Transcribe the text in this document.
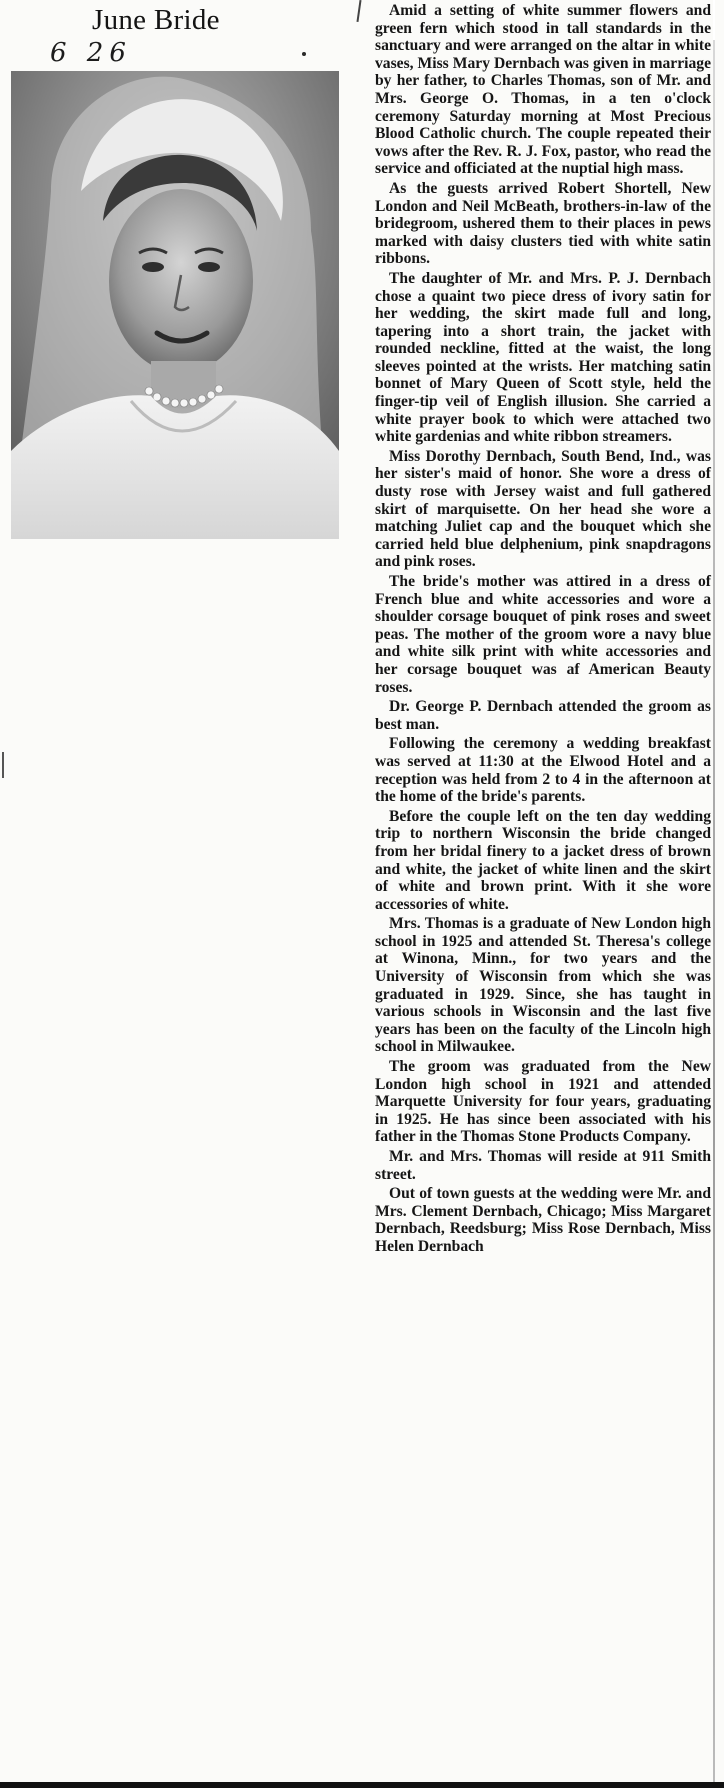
June Bride
6 26

Amid a setting of white summer flowers and green fern which stood in tall standards in the sanctuary and were arranged on the altar in white vases, Miss Mary Dernbach was given in marriage by her father, to Charles Thomas, son of Mr. and Mrs. George O. Thomas, in a ten o'clock ceremony Saturday morning at Most Precious Blood Catholic church. The couple repeated their vows after the Rev. R. J. Fox, pastor, who read the service and officiated at the nuptial high mass.

As the guests arrived Robert Shortell, New London and Neil McBeath, brothers-in-law of the bridegroom, ushered them to their places in pews marked with daisy clusters tied with white satin ribbons.

The daughter of Mr. and Mrs. P. J. Dernbach chose a quaint two piece dress of ivory satin for her wedding, the skirt made full and long, tapering into a short train, the jacket with rounded neckline, fitted at the waist, the long sleeves pointed at the wrists. Her matching satin bonnet of Mary Queen of Scott style, held the finger-tip veil of English illusion. She carried a white prayer book to which were attached two white gardenias and white ribbon streamers.

Miss Dorothy Dernbach, South Bend, Ind., was her sister's maid of honor. She wore a dress of dusty rose with Jersey waist and full gathered skirt of marquisette. On her head she wore a matching Juliet cap and the bouquet which she carried held blue delphenium, pink snapdragons and pink roses.

The bride's mother was attired in a dress of French blue and white accessories and wore a shoulder corsage bouquet of pink roses and sweet peas. The mother of the groom wore a navy blue and white silk print with white accessories and her corsage bouquet was af American Beauty roses.

Dr. George P. Dernbach attended the groom as best man.

Following the ceremony a wedding breakfast was served at 11:30 at the Elwood Hotel and a reception was held from 2 to 4 in the afternoon at the home of the bride's parents.

Before the couple left on the ten day wedding trip to northern Wisconsin the bride changed from her bridal finery to a jacket dress of brown and white, the jacket of white linen and the skirt of white and brown print. With it she wore accessories of white.

Mrs. Thomas is a graduate of New London high school in 1925 and attended St. Theresa's college at Winona, Minn., for two years and the University of Wisconsin from which she was graduated in 1929. Since, she has taught in various schools in Wisconsin and the last five years has been on the faculty of the Lincoln high school in Milwaukee.

The groom was graduated from the New London high school in 1921 and attended Marquette University for four years, graduating in 1925. He has since been associated with his father in the Thomas Stone Products Company.

Mr. and Mrs. Thomas will reside at 911 Smith street.

Out of town guests at the wedding were Mr. and Mrs. Clement Dernbach, Chicago; Miss Margaret Dernbach, Reedsburg; Miss Rose Dernbach, Miss Helen Dernbach
